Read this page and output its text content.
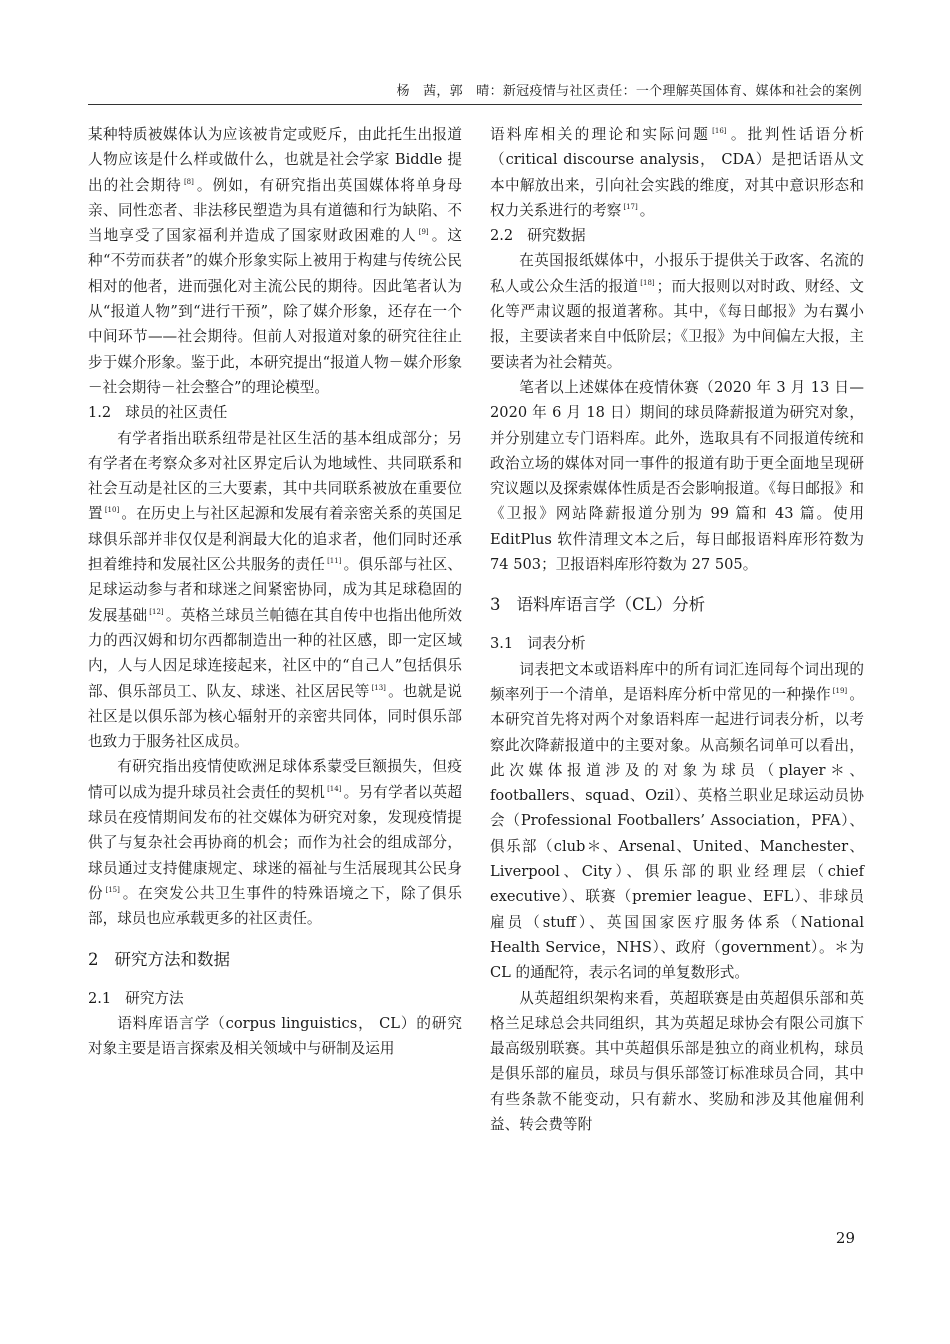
杨　茜，郭　晴：新冠疫情与社区责任：一个理解英国体育、媒体和社会的案例

某种特质被媒体认为应该被肯定或贬斥，由此托生出报道人物应该是什么样或做什么，也就是社会学家 Biddle 提出的社会期待 [8] 。例如，有研究指出英国媒体将单身母亲、同性恋者、非法移民塑造为具有道德和行为缺陷、不当地享受了国家福利并造成了国家财政困难的人 [9] 。这种“不劳而获者”的媒介形象实际上被用于构建与传统公民相对的他者，进而强化对主流公民的期待。因此笔者认为从“报道人物”到“进行干预”，除了媒介形象，还存在一个中间环节——社会期待。但前人对报道对象的研究往往止步于媒介形象。鉴于此，本研究提出“报道人物－媒介形象－社会期待－社会整合”的理论模型。

1.2 球员的社区责任

有学者指出联系纽带是社区生活的基本组成部分；另有学者在考察众多对社区界定后认为地域性、共同联系和社会互动是社区的三大要素，其中共同联系被放在重要位置 [10] 。在历史上与社区起源和发展有着亲密关系的英国足球俱乐部并非仅仅是利润最大化的追求者，他们同时还承担着维持和发展社区公共服务的责任 [11] 。俱乐部与社区、足球运动参与者和球迷之间紧密协同，成为其足球稳固的发展基础 [12] 。英格兰球员兰帕德在其自传中也指出他所效力的西汉姆和切尔西都制造出一种的社区感，即一定区域内，人与人因足球连接起来，社区中的“自己人”包括俱乐部、俱乐部员工、队友、球迷、社区居民等 [13] 。也就是说社区是以俱乐部为核心辐射开的亲密共同体，同时俱乐部也致力于服务社区成员。

有研究指出疫情使欧洲足球体系蒙受巨额损失，但疫情可以成为提升球员社会责任的契机 [14] 。另有学者以英超球员在疫情期间发布的社交媒体为研究对象，发现疫情提供了与复杂社会再协商的机会；而作为社会的组成部分，球员通过支持健康规定、球迷的福祉与生活展现其公民身份 [15] 。在突发公共卫生事件的特殊语境之下，除了俱乐部，球员也应承载更多的社区责任。

2 研究方法和数据
2.1 研究方法

语料库语言学（corpus linguistics， CL）的研究对象主要是语言探索及相关领域中与研制及运用

语料库相关的理论和实际问题 [16] 。批判性话语分析（critical discourse analysis， CDA）是把话语从文本中解放出来，引向社会实践的维度，对其中意识形态和权力关系进行的考察 [17] 。

2.2 研究数据

在英国报纸媒体中，小报乐于提供关于政客、名流的私人或公众生活的报道 [18] ；而大报则以对时政、财经、文化等严肃议题的报道著称。其中，《每日邮报》为右翼小报，主要读者来自中低阶层；《卫报》为中间偏左大报，主要读者为社会精英。

笔者以上述媒体在疫情休赛（2020 年 3 月 13 日—2020 年 6 月 18 日）期间的球员降薪报道为研究对象，并分别建立专门语料库。此外，选取具有不同报道传统和政治立场的媒体对同一事件的报道有助于更全面地呈现研究议题以及探索媒体性质是否会影响报道。《每日邮报》和《卫报》网站降薪报道分别为 99 篇和 43 篇。使用 EditPlus 软件清理文本之后，每日邮报语料库形符数为 74 503；卫报语料库形符数为 27 505。

3 语料库语言学（CL）分析
3.1 词表分析

词表把文本或语料库中的所有词汇连同每个词出现的频率列于一个清单，是语料库分析中常见的一种操作 [19] 。本研究首先将对两个对象语料库一起进行词表分析，以考察此次降薪报道中的主要对象。从高频名词单可以看出，此次媒体报道涉及的对象为球员（player＊、footballers、squad、Ozil）、英格兰职业足球运动员协会（Professional Footballers’ Association，PFA）、俱乐部（club＊、Arsenal、United、Manchester、Liverpool、City）、俱乐部的职业经理层（chief executive）、联赛（premier league、EFL）、非球员雇员（stuff）、英国国家医疗服务体系（National Health Service，NHS）、政府（government）。＊为 CL 的通配符，表示名词的单复数形式。

从英超组织架构来看，英超联赛是由英超俱乐部和英格兰足球总会共同组织，其为英超足球协会有限公司旗下最高级别联赛。其中英超俱乐部是独立的商业机构，球员是俱乐部的雇员，球员与俱乐部签订标准球员合同，其中有些条款不能变动，只有薪水、奖励和涉及其他雇佣利益、转会费等附

29
